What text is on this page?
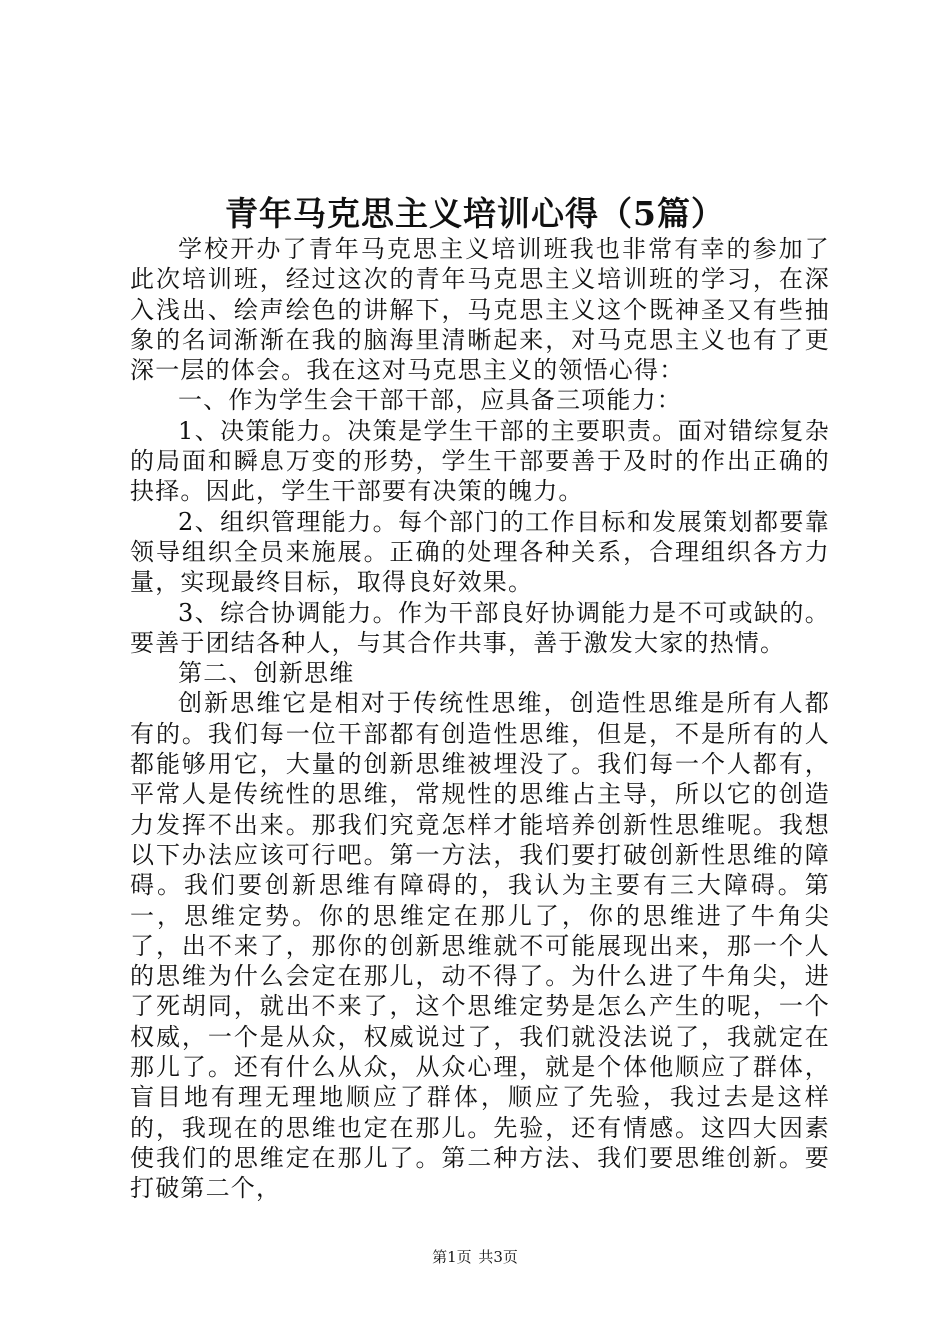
青年马克思主义培训心得（5篇）

学校开办了青年马克思主义培训班我也非常有幸的参加了此次培训班，经过这次的青年马克思主义培训班的学习，在深入浅出、绘声绘色的讲解下，马克思主义这个既神圣又有些抽象的名词渐渐在我的脑海里清晰起来，对马克思主义也有了更深一层的体会。我在这对马克思主义的领悟心得：

一、作为学生会干部干部，应具备三项能力：

1、决策能力。决策是学生干部的主要职责。面对错综复杂的局面和瞬息万变的形势，学生干部要善于及时的作出正确的抉择。因此，学生干部要有决策的魄力。

2、组织管理能力。每个部门的工作目标和发展策划都要靠领导组织全员来施展。正确的处理各种关系，合理组织各方力量，实现最终目标，取得良好效果。

3、综合协调能力。作为干部良好协调能力是不可或缺的。要善于团结各种人，与其合作共事，善于激发大家的热情。

第二、创新思维

创新思维它是相对于传统性思维，创造性思维是所有人都有的。我们每一位干部都有创造性思维，但是，不是所有的人都能够用它，大量的创新思维被埋没了。我们每一个人都有，平常人是传统性的思维，常规性的思维占主导，所以它的创造力发挥不出来。那我们究竟怎样才能培养创新性思维呢。我想以下办法应该可行吧。第一方法，我们要打破创新性思维的障碍。我们要创新思维有障碍的，我认为主要有三大障碍。第一，思维定势。你的思维定在那儿了，你的思维进了牛角尖了，出不来了，那你的创新思维就不可能展现出来，那一个人的思维为什么会定在那儿，动不得了。为什么进了牛角尖，进了死胡同，就出不来了，这个思维定势是怎么产生的呢，一个权威，一个是从众，权威说过了，我们就没法说了，我就定在那儿了。还有什么从众，从众心理，就是个体他顺应了群体，盲目地有理无理地顺应了群体，顺应了先验，我过去是这样的，我现在的思维也定在那儿。先验，还有情感。这四大因素使我们的思维定在那儿了。第二种方法、我们要思维创新。要打破第二个，

第1页 共3页
